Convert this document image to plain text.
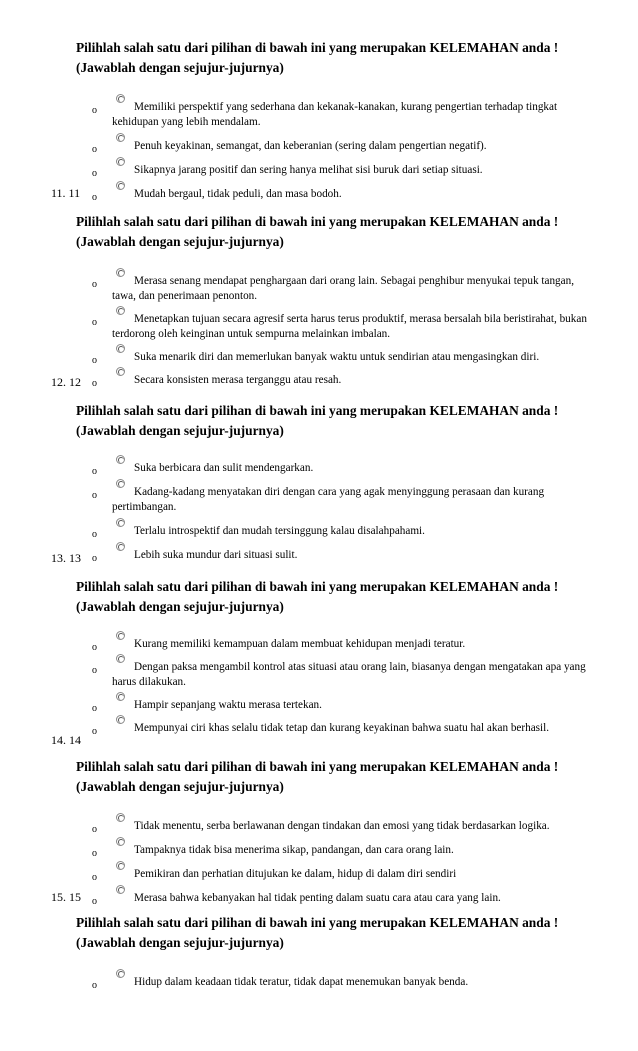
Pilihlah salah satu dari pilihan di bawah ini yang merupakan KELEMAHAN anda !
(Jawablah dengan sejujur-jujurnya)
o	Memiliki perspektif yang sederhana dan kekanak-kanakan, kurang pengertian terhadap tingkat kehidupan yang lebih mendalam.
o	Penuh keyakinan, semangat, dan keberanian (sering dalam pengertian negatif).
o	Sikapnya jarang positif dan sering hanya melihat sisi buruk dari setiap situasi.
o	Mudah bergaul, tidak peduli, dan masa bodoh.
11. 11
Pilihlah salah satu dari pilihan di bawah ini yang merupakan KELEMAHAN anda !
(Jawablah dengan sejujur-jujurnya)
o	Merasa senang mendapat penghargaan dari orang lain. Sebagai penghibur menyukai tepuk tangan, tawa, dan penerimaan penonton.
o	Menetapkan tujuan secara agresif serta harus terus produktif, merasa bersalah bila beristirahat, bukan terdorong oleh keinginan untuk sempurna melainkan imbalan.
o	Suka menarik diri dan memerlukan banyak waktu untuk sendirian atau mengasingkan diri.
o	Secara konsisten merasa terganggu atau resah.
12. 12
Pilihlah salah satu dari pilihan di bawah ini yang merupakan KELEMAHAN anda !
(Jawablah dengan sejujur-jujurnya)
o	Suka berbicara dan sulit mendengarkan.
o	Kadang-kadang menyatakan diri dengan cara yang agak menyinggung perasaan dan kurang pertimbangan.
o	Terlalu introspektif dan mudah tersinggung kalau disalahpahami.
o	Lebih suka mundur dari situasi sulit.
13. 13
Pilihlah salah satu dari pilihan di bawah ini yang merupakan KELEMAHAN anda !
(Jawablah dengan sejujur-jujurnya)
o	Kurang memiliki kemampuan dalam membuat kehidupan menjadi teratur.
o	Dengan paksa mengambil kontrol atas situasi atau orang lain, biasanya dengan mengatakan apa yang harus dilakukan.
o	Hampir sepanjang waktu merasa tertekan.
o	Mempunyai ciri khas selalu tidak tetap dan kurang keyakinan bahwa suatu hal akan berhasil.
14. 14
Pilihlah salah satu dari pilihan di bawah ini yang merupakan KELEMAHAN anda !
(Jawablah dengan sejujur-jujurnya)
o	Tidak menentu, serba berlawanan dengan tindakan dan emosi yang tidak berdasarkan logika.
o	Tampaknya tidak bisa menerima sikap, pandangan, dan cara orang lain.
o	Pemikiran dan perhatian ditujukan ke dalam, hidup di dalam diri sendiri
o	Merasa bahwa kebanyakan hal tidak penting dalam suatu cara atau cara yang lain.
15. 15
Pilihlah salah satu dari pilihan di bawah ini yang merupakan KELEMAHAN anda !
(Jawablah dengan sejujur-jujurnya)
o	Hidup dalam keadaan tidak teratur, tidak dapat menemukan banyak benda.
